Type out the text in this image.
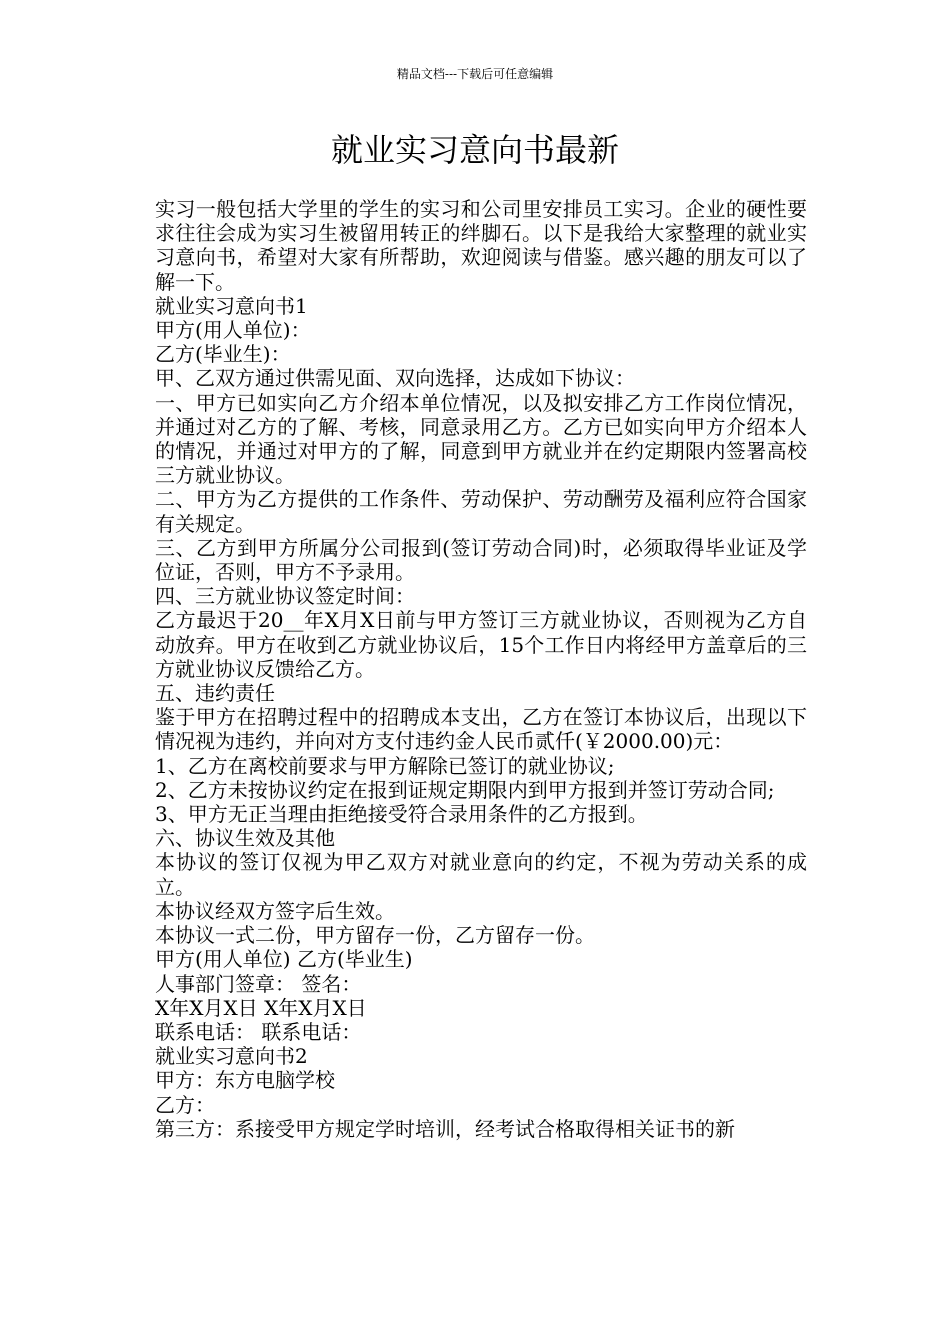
精品文档---下载后可任意编辑
就业实习意向书最新

实习一般包括大学里的学生的实习和公司里安排员工实习。企业的硬性要求往往会成为实习生被留用转正的绊脚石。以下是我给大家整理的就业实习意向书，希望对大家有所帮助，欢迎阅读与借鉴。感兴趣的朋友可以了解一下。

就业实习意向书1

甲方(用人单位)：

乙方(毕业生)：

甲、乙双方通过供需见面、双向选择，达成如下协议：

一、甲方已如实向乙方介绍本单位情况，以及拟安排乙方工作岗位情况，并通过对乙方的了解、考核，同意录用乙方。乙方已如实向甲方介绍本人的情况，并通过对甲方的了解，同意到甲方就业并在约定期限内签署高校三方就业协议。

二、甲方为乙方提供的工作条件、劳动保护、劳动酬劳及福利应符合国家有关规定。

三、乙方到甲方所属分公司报到(签订劳动合同)时，必须取得毕业证及学位证，否则，甲方不予录用。

四、三方就业协议签定时间：

乙方最迟于20__年X月X日前与甲方签订三方就业协议，否则视为乙方自动放弃。甲方在收到乙方就业协议后，15个工作日内将经甲方盖章后的三方就业协议反馈给乙方。

五、违约责任

鉴于甲方在招聘过程中的招聘成本支出，乙方在签订本协议后，出现以下情况视为违约，并向对方支付违约金人民币贰仟(￥2000.00)元：

1、乙方在离校前要求与甲方解除已签订的就业协议;

2、乙方未按协议约定在报到证规定期限内到甲方报到并签订劳动合同;

3、甲方无正当理由拒绝接受符合录用条件的乙方报到。

六、协议生效及其他

本协议的签订仅视为甲乙双方对就业意向的约定，不视为劳动关系的成立。

本协议经双方签字后生效。

本协议一式二份，甲方留存一份，乙方留存一份。

甲方(用人单位) 乙方(毕业生)

人事部门签章： 签名：

X年X月X日 X年X月X日

联系电话： 联系电话：

就业实习意向书2

甲方：东方电脑学校

乙方：

第三方：系接受甲方规定学时培训，经考试合格取得相关证书的新
